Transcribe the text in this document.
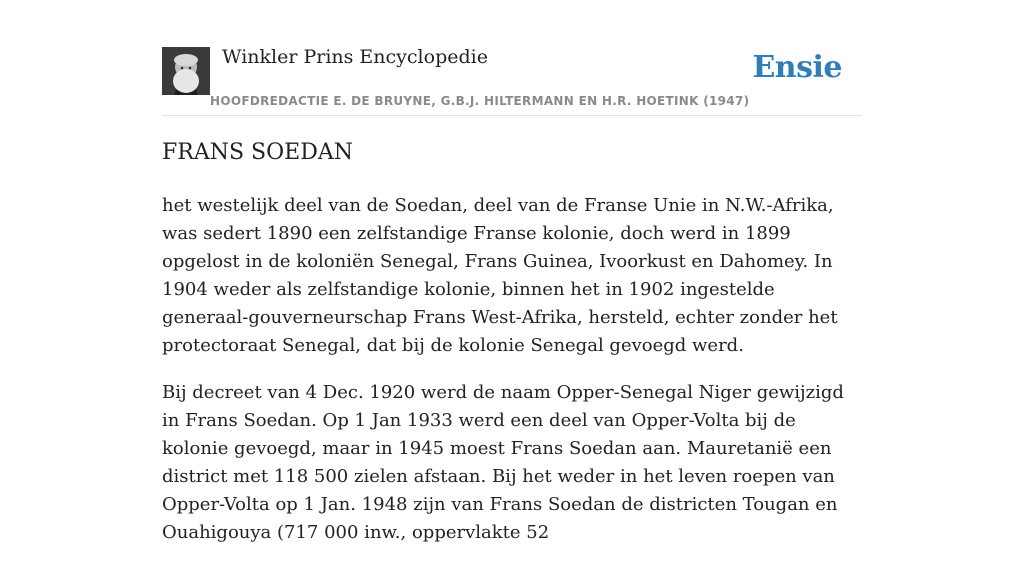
Winkler Prins Encyclopedie
HOOFDREDACTIE E. DE BRUYNE, G.B.J. HILTERMANN EN H.R. HOETINK (1947)
Ensie
FRANS SOEDAN

het westelijk deel van de Soedan, deel van de Franse Unie in N.W.-Afrika, was sedert 1890 een zelfstandige Franse kolonie, doch werd in 1899 opgelost in de koloniën Senegal, Frans Guinea, Ivoorkust en Dahomey. In 1904 weder als zelfstandige kolonie, binnen het in 1902 ingestelde generaal-gouverneurschap Frans West-Afrika, hersteld, echter zonder het protectoraat Senegal, dat bij de kolonie Senegal gevoegd werd.

Bij decreet van 4 Dec. 1920 werd de naam Opper-Senegal Niger gewijzigd in Frans Soedan. Op 1 Jan 1933 werd een deel van Opper-Volta bij de kolonie gevoegd, maar in 1945 moest Frans Soedan aan. Mauretanië een district met 118 500 zielen afstaan. Bij het weder in het leven roepen van Opper-Volta op 1 Jan. 1948 zijn van Frans Soedan de districten Tougan en Ouahigouya (717 000 inw., oppervlakte 52
